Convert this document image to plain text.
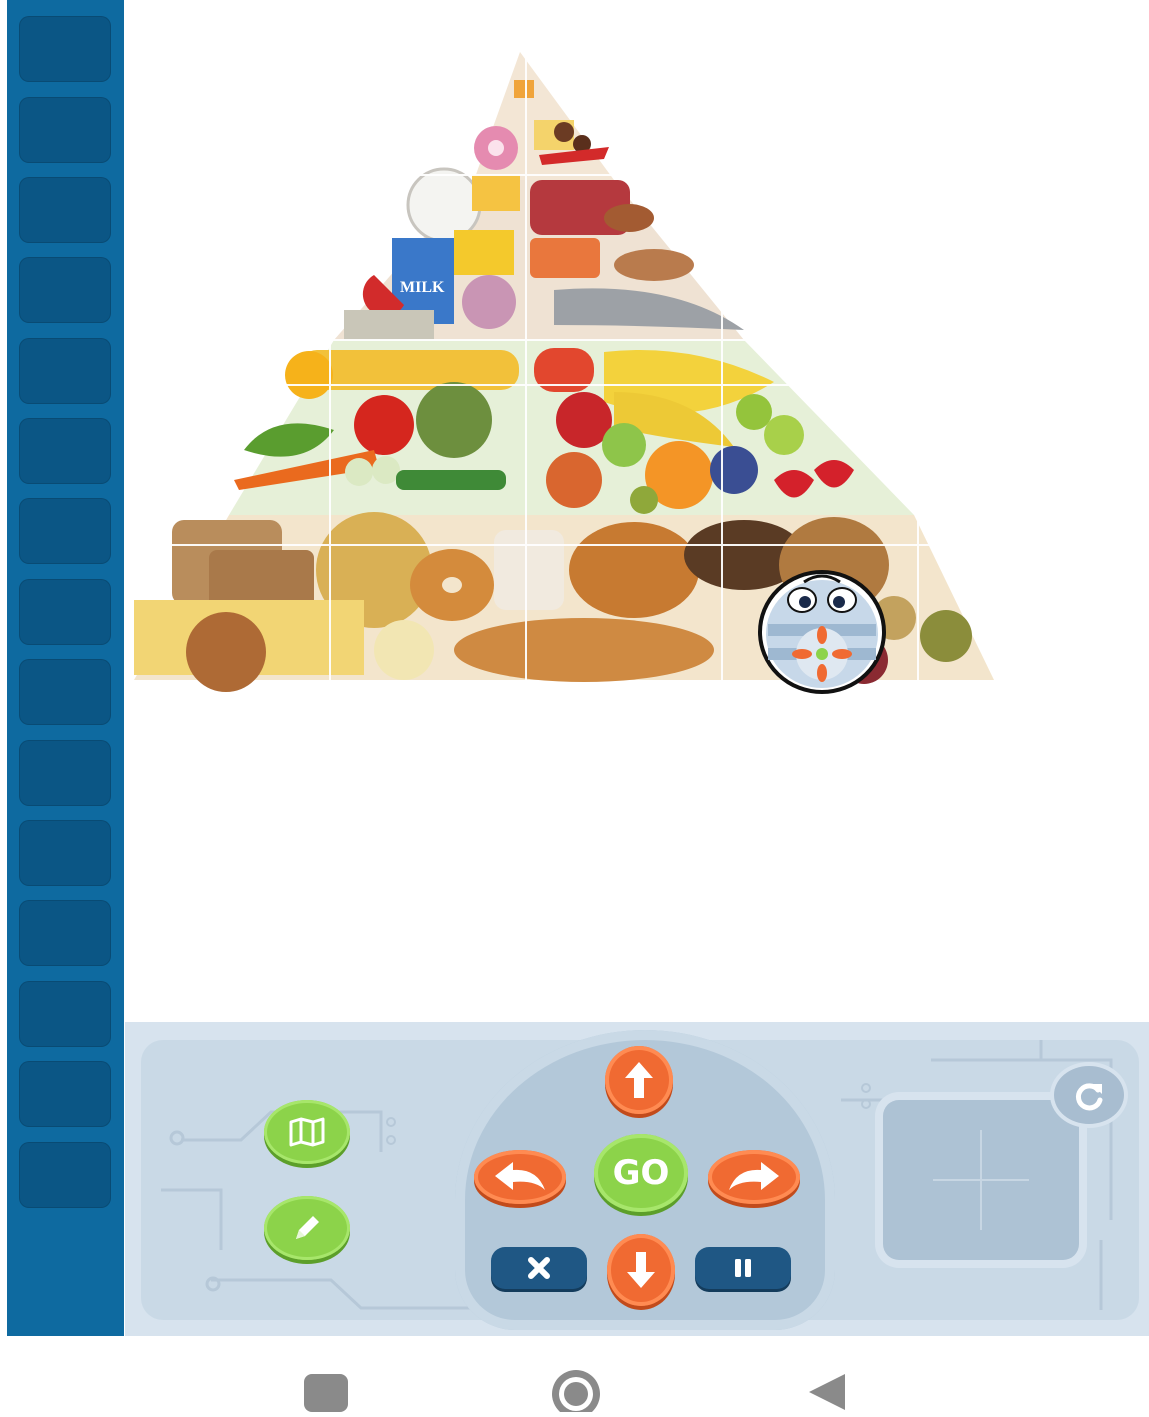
MILK
GO
